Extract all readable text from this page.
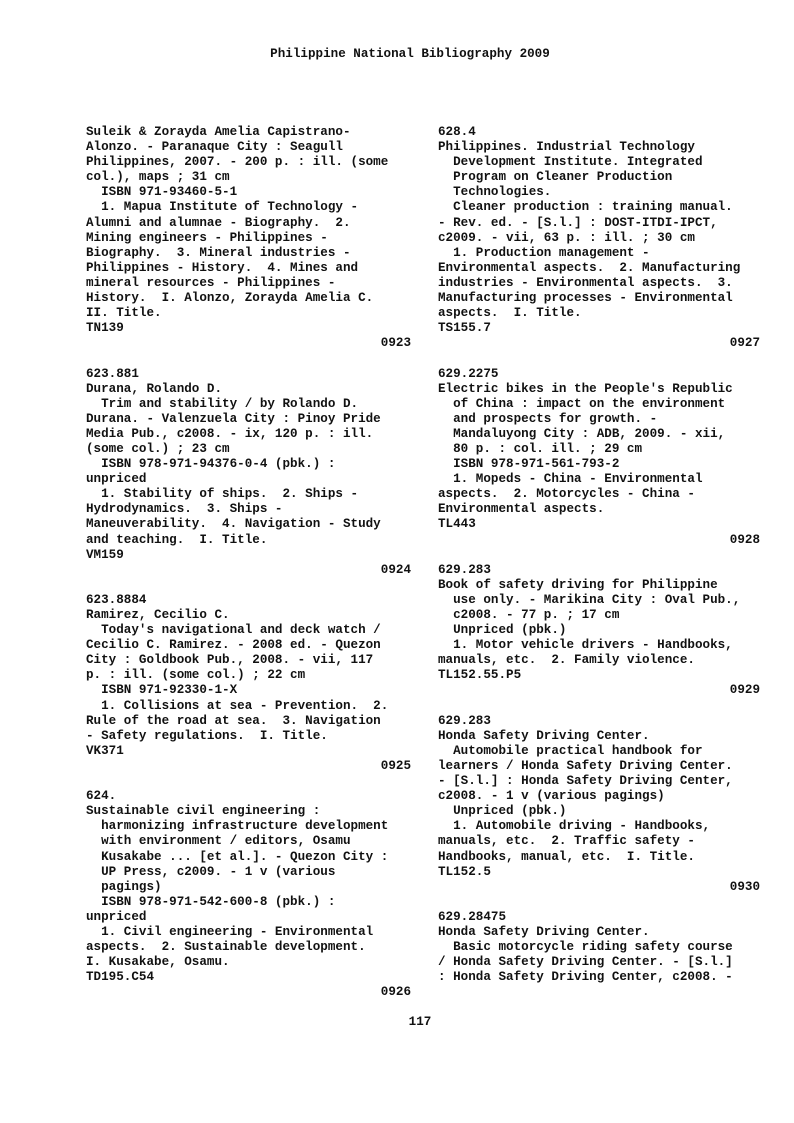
Philippine National Bibliography 2009
Suleik & Zorayda Amelia Capistrano-
Alonzo. - Paranaque City : Seagull
Philippines, 2007. - 200 p. : ill. (some
col.), maps ; 31 cm
ISBN 971-93460-5-1
1. Mapua Institute of Technology -
Alumni and alumnae - Biography.  2.
Mining engineers - Philippines -
Biography.  3. Mineral industries -
Philippines - History.  4. Mines and
mineral resources - Philippines -
History.  I. Alonzo, Zorayda Amelia C.
II. Title.
TN139
0923
623.881
Durana, Rolando D.
Trim and stability / by Rolando D.
Durana. - Valenzuela City : Pinoy Pride
Media Pub., c2008. - ix, 120 p. : ill.
(some col.) ; 23 cm
ISBN 978-971-94376-0-4 (pbk.) :
unpriced
1. Stability of ships.  2. Ships -
Hydrodynamics.  3. Ships -
Maneuverability.  4. Navigation - Study
and teaching.  I. Title.
VM159
0924
623.8884
Ramirez, Cecilio C.
Today's navigational and deck watch /
Cecilio C. Ramirez. - 2008 ed. - Quezon
City : Goldbook Pub., 2008. - vii, 117
p. : ill. (some col.) ; 22 cm
ISBN 971-92330-1-X
1. Collisions at sea - Prevention.  2.
Rule of the road at sea.  3. Navigation
- Safety regulations.  I. Title.
VK371
0925
624.
Sustainable civil engineering :
harmonizing infrastructure development
with environment / editors, Osamu
Kusakabe ... [et al.]. - Quezon City :
UP Press, c2009. - 1 v (various
pagings)
ISBN 978-971-542-600-8 (pbk.) :
unpriced
1. Civil engineering - Environmental
aspects.  2. Sustainable development.
I. Kusakabe, Osamu.
TD195.C54
0926
628.4
Philippines. Industrial Technology
Development Institute. Integrated
Program on Cleaner Production
Technologies.
Cleaner production : training manual.
- Rev. ed. - [S.l.] : DOST-ITDI-IPCT,
c2009. - vii, 63 p. : ill. ; 30 cm
1. Production management -
Environmental aspects.  2. Manufacturing
industries - Environmental aspects.  3.
Manufacturing processes - Environmental
aspects.  I. Title.
TS155.7
0927
629.2275
Electric bikes in the People's Republic
of China : impact on the environment
and prospects for growth. -
Mandaluyong City : ADB, 2009. - xii,
80 p. : col. ill. ; 29 cm
ISBN 978-971-561-793-2
1. Mopeds - China - Environmental
aspects.  2. Motorcycles - China -
Environmental aspects.
TL443
0928
629.283
Book of safety driving for Philippine
use only. - Marikina City : Oval Pub.,
c2008. - 77 p. ; 17 cm
Unpriced (pbk.)
1. Motor vehicle drivers - Handbooks,
manuals, etc.  2. Family violence.
TL152.55.P5
0929
629.283
Honda Safety Driving Center.
Automobile practical handbook for
learners / Honda Safety Driving Center.
- [S.l.] : Honda Safety Driving Center,
c2008. - 1 v (various pagings)
Unpriced (pbk.)
1. Automobile driving - Handbooks,
manuals, etc.  2. Traffic safety -
Handbooks, manual, etc.  I. Title.
TL152.5
0930
629.28475
Honda Safety Driving Center.
Basic motorcycle riding safety course
/ Honda Safety Driving Center. - [S.l.]
: Honda Safety Driving Center, c2008. -
117
